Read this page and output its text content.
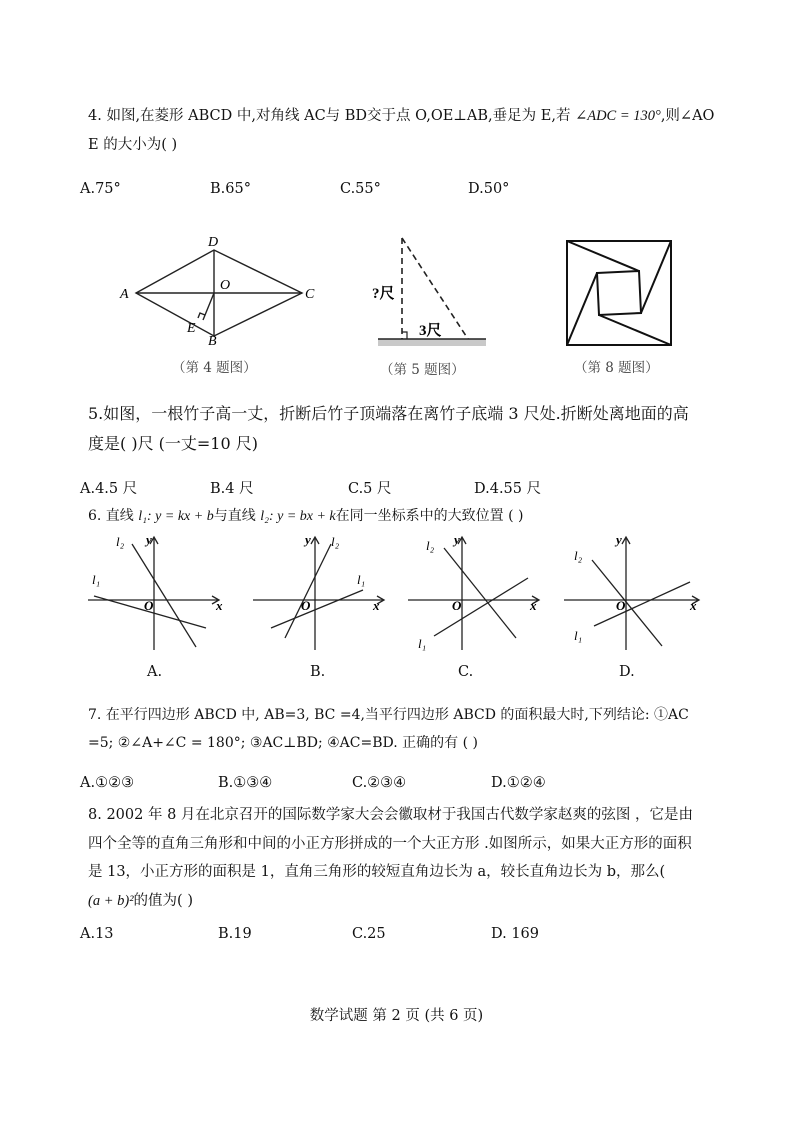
4. 如图,在菱形 ABCD 中,对角线 AC与 BD交于点 O,OE⊥AB,垂足为 E,若 ∠ADC = 130°,则∠AO
E 的大小为( )
A.75°	B.65°	C.55°	D.50°
A
B
C
D
O
E
（第 4 题图）
?尺
3尺
（第 5 题图）	（第 8 题图）
5.如图，一根竹子高一丈，折断后竹子顶端落在离竹子底端 3 尺处.折断处离地面的高
度是( )尺 (一丈=10 尺)
A.4.5 尺	B.4 尺	C.5 尺	D.4.55 尺
6. 直线 l₁: y = kx + b与直线 l₂: y = bx + k在同一坐标系中的大致位置 ( )
y
x
O
l₁
l₂	y
x
O
l₁
l₂	y
x
O
l₁
l₂	y
x
O
l₁
l₂
A.	B.	C.	D.
7. 在平行四边形 ABCD 中, AB=3, BC =4,当平行四边形 ABCD 的面积最大时,下列结论: ①AC
=5; ②∠A+∠C = 180°; ③AC⊥BD; ④AC=BD. 正确的有 ( )
A.①②③	B.①③④	C.②③④	D.①②④
8. 2002 年 8 月在北京召开的国际数学家大会会徽取材于我国古代数学家赵爽的弦图 ，它是由
四个全等的直角三角形和中间的小正方形拼成的一个大正方形 .如图所示，如果大正方形的面积
是 13，小正方形的面积是 1，直角三角形的较短直角边长为 a，较长直角边长为 b，那么(
(a + b)²的值为( )
A.13	B.19	C.25	D. 169
数学试题 第 2 页 (共 6 页)
